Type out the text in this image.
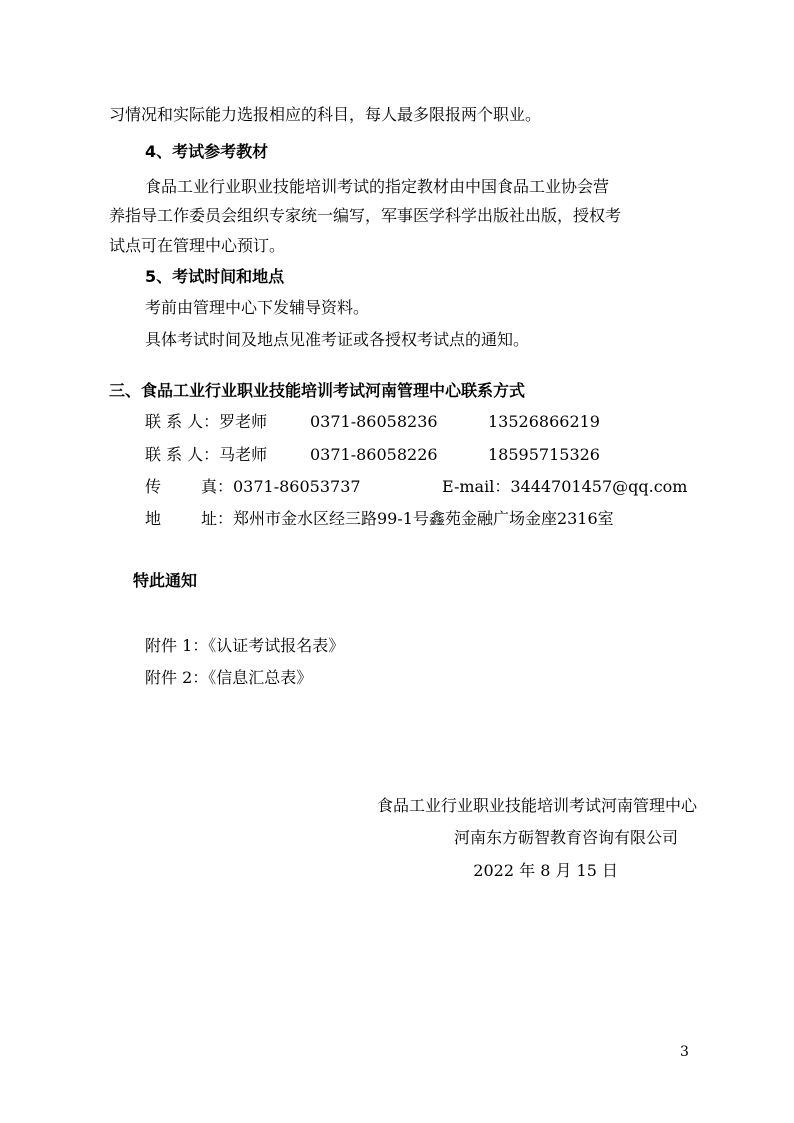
习情况和实际能力选报相应的科目，每人最多限报两个职业。
4、考试参考教材
食品工业行业职业技能培训考试的指定教材由中国食品工业协会营
养指导工作委员会组织专家统一编写，军事医学科学出版社出版，授权考
试点可在管理中心预订。
5、考试时间和地点
考前由管理中心下发辅导资料。
具体考试时间及地点见准考证或各授权考试点的通知。
三、食品工业行业职业技能培训考试河南管理中心联系方式
联 系 人：罗老师	0371-86058236	13526866219
联 系 人：马老师	0371-86058226	18595715326
传 真： 0371-86053737	E-mail：3444701457@qq.com
地 址： 郑州市金水区经三路99-1号鑫苑金融广场金座2316室
特此通知
附件 1：《认证考试报名表》
附件 2：《信息汇总表》
食品工业行业职业技能培训考试河南管理中心
河南东方砺智教育咨询有限公司
2022 年 8 月 15 日
3
